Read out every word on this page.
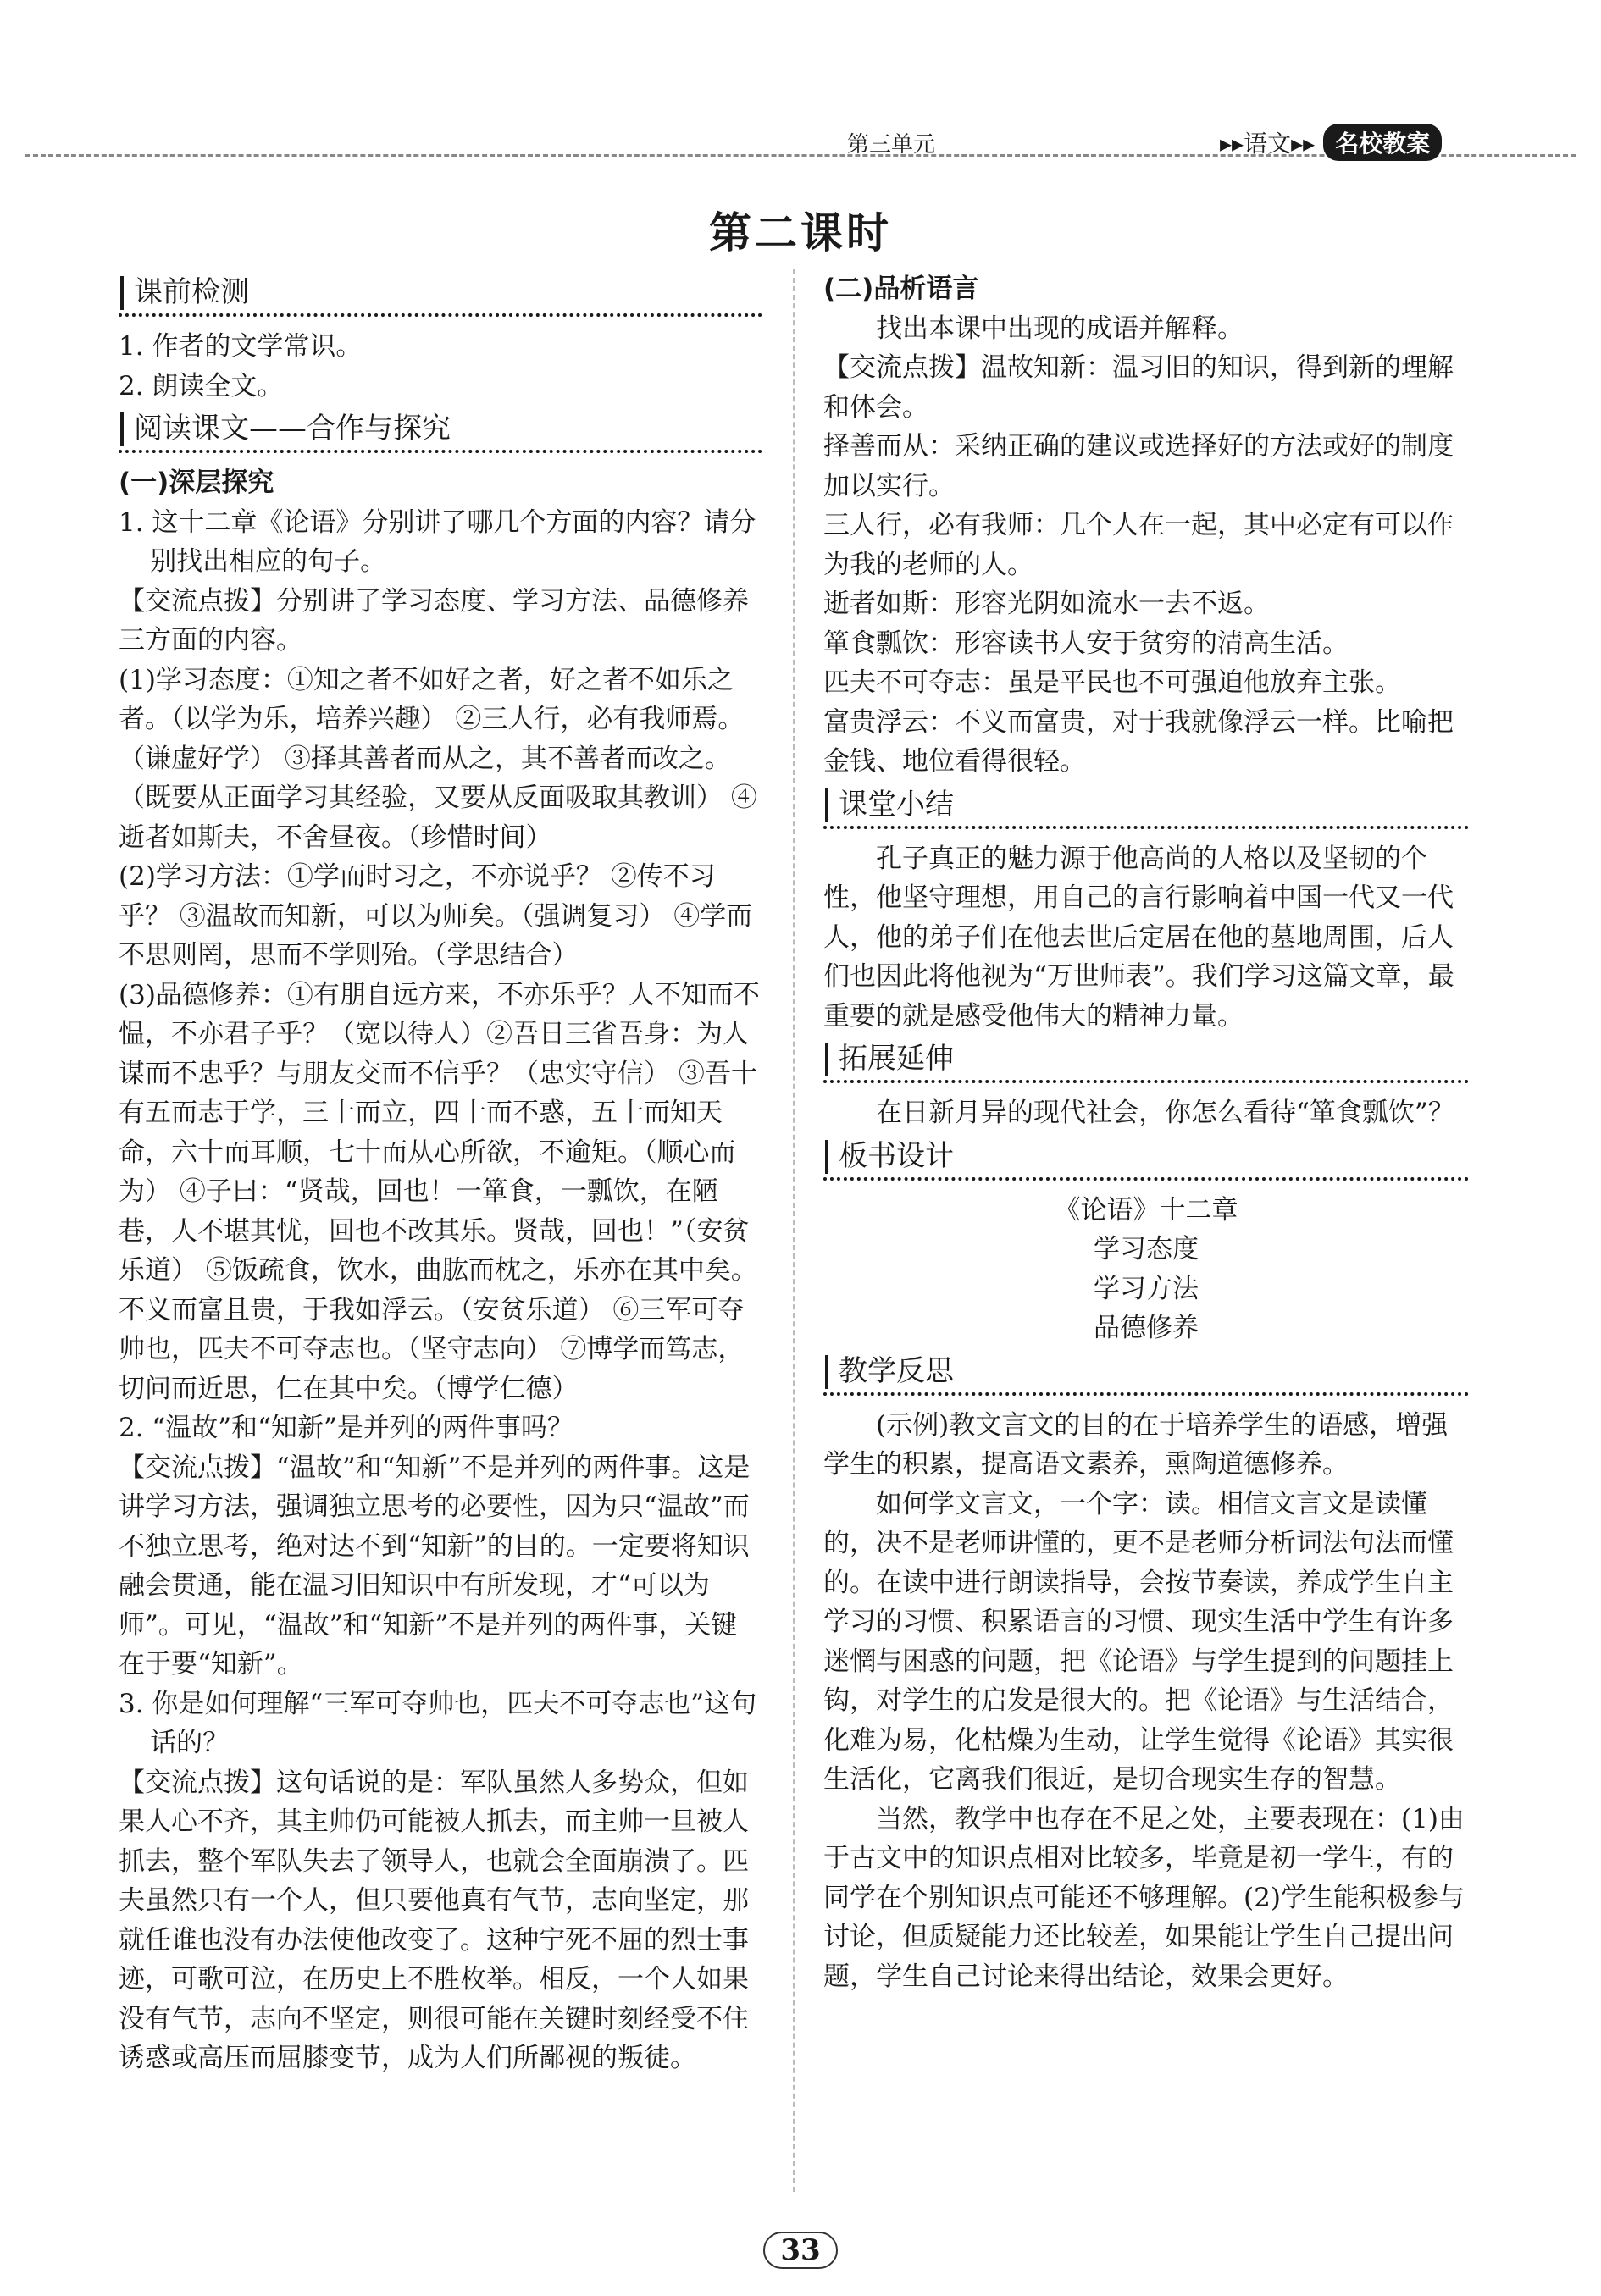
第三单元	▸▸语文▸▸ 名校教案
第二课时
课前检测

1. 作者的文学常识。

2. 朗读全文。

阅读课文——合作与探究

(一)深层探究

1. 这十二章《论语》分别讲了哪几个方面的内容？请分别找出相应的句子。

【交流点拨】分别讲了学习态度、学习方法、品德修养三方面的内容。

(1)学习态度：①知之者不如好之者，好之者不如乐之者。（以学为乐，培养兴趣） ②三人行，必有我师焉。（谦虚好学） ③择其善者而从之，其不善者而改之。（既要从正面学习其经验，又要从反面吸取其教训） ④逝者如斯夫，不舍昼夜。（珍惜时间）

(2)学习方法：①学而时习之，不亦说乎？ ②传不习乎？ ③温故而知新，可以为师矣。（强调复习） ④学而不思则罔，思而不学则殆。（学思结合）

(3)品德修养：①有朋自远方来，不亦乐乎？人不知而不愠，不亦君子乎？（宽以待人）②吾日三省吾身：为人谋而不忠乎？与朋友交而不信乎？（忠实守信） ③吾十有五而志于学，三十而立，四十而不惑，五十而知天命，六十而耳顺，七十而从心所欲，不逾矩。（顺心而为） ④子曰：“贤哉，回也！一箪食，一瓢饮，在陋巷，人不堪其忧，回也不改其乐。贤哉，回也！”（安贫乐道） ⑤饭疏食，饮水，曲肱而枕之，乐亦在其中矣。不义而富且贵，于我如浮云。（安贫乐道） ⑥三军可夺帅也，匹夫不可夺志也。（坚守志向） ⑦博学而笃志，切问而近思，仁在其中矣。（博学仁德）

2. “温故”和“知新”是并列的两件事吗？

【交流点拨】“温故”和“知新”不是并列的两件事。这是讲学习方法，强调独立思考的必要性，因为只“温故”而不独立思考，绝对达不到“知新”的目的。一定要将知识融会贯通，能在温习旧知识中有所发现，才“可以为师”。可见，“温故”和“知新”不是并列的两件事，关键在于要“知新”。

3. 你是如何理解“三军可夺帅也，匹夫不可夺志也”这句话的？

【交流点拨】这句话说的是：军队虽然人多势众，但如果人心不齐，其主帅仍可能被人抓去，而主帅一旦被人抓去，整个军队失去了领导人，也就会全面崩溃了。匹夫虽然只有一个人，但只要他真有气节，志向坚定，那就任谁也没有办法使他改变了。这种宁死不屈的烈士事迹，可歌可泣，在历史上不胜枚举。相反，一个人如果没有气节，志向不坚定，则很可能在关键时刻经受不住诱惑或高压而屈膝变节，成为人们所鄙视的叛徒。

(二)品析语言

找出本课中出现的成语并解释。

【交流点拨】温故知新：温习旧的知识，得到新的理解和体会。

择善而从：采纳正确的建议或选择好的方法或好的制度加以实行。

三人行，必有我师：几个人在一起，其中必定有可以作为我的老师的人。

逝者如斯：形容光阴如流水一去不返。

箪食瓢饮：形容读书人安于贫穷的清高生活。

匹夫不可夺志：虽是平民也不可强迫他放弃主张。

富贵浮云：不义而富贵，对于我就像浮云一样。比喻把金钱、地位看得很轻。

课堂小结

孔子真正的魅力源于他高尚的人格以及坚韧的个性，他坚守理想，用自己的言行影响着中国一代又一代人，他的弟子们在他去世后定居在他的墓地周围，后人们也因此将他视为“万世师表”。我们学习这篇文章，最重要的就是感受他伟大的精神力量。

拓展延伸

在日新月异的现代社会，你怎么看待“箪食瓢饮”？

板书设计

《论语》十二章

学习态度

学习方法

品德修养

教学反思

(示例)教文言文的目的在于培养学生的语感，增强学生的积累，提高语文素养，熏陶道德修养。

如何学文言文，一个字：读。相信文言文是读懂的，决不是老师讲懂的，更不是老师分析词法句法而懂的。在读中进行朗读指导，会按节奏读，养成学生自主学习的习惯、积累语言的习惯、现实生活中学生有许多迷惘与困惑的问题，把《论语》与学生提到的问题挂上钩，对学生的启发是很大的。把《论语》与生活结合，化难为易，化枯燥为生动，让学生觉得《论语》其实很生活化，它离我们很近，是切合现实生存的智慧。

当然，教学中也存在不足之处，主要表现在：(1)由于古文中的知识点相对比较多，毕竟是初一学生，有的同学在个别知识点可能还不够理解。(2)学生能积极参与讨论，但质疑能力还比较差，如果能让学生自己提出问题，学生自己讨论来得出结论，效果会更好。

33
